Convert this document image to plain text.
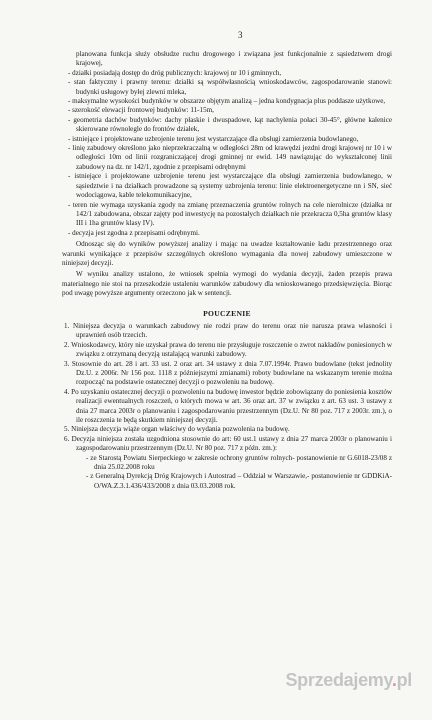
3

planowana funkcja służy obsłudze ruchu drogowego i związana jest funkcjonalnie z sąsiedztwem drogi krajowej,

- działki posiadają dostęp do dróg publicznych: krajowej nr 10 i gminnych,

- stan faktyczny i prawny terenu: działki są współwłasnością wnioskodawców, zagospodarowanie stanowi: budynki usługowy byłej zlewni mleka,

- maksymalne wysokości budynków w obszarze objętym analizą – jedna kondygnacja plus poddasze użytkowe,

- szerokość elewacji frontowej budynków: 11-15m,

- geometria dachów budynków: dachy płaskie i dwuspadowe, kąt nachylenia połaci 30-45°, główne kalenice skierowane równolegle do frontów działek,

- istniejące i projektowane uzbrojenie terenu jest wystarczające dla obsługi zamierzenia budowlanego,

- linię zabudowy określono jako nieprzekraczalną w odległości 28m od krawędzi jezdni drogi krajowej nr 10 i w odległości 10m od linii rozgraniczającej drogi gminnej nr ewid. 149 nawiązując do wykształconej linii zabudowy na dz. nr 142/1, zgodnie z przepisami odrębnymi

- istniejące i projektowane uzbrojenie terenu jest wystarczające dla obsługi zamierzenia budowlanego, w sąsiedztwie i na działkach prowadzone są systemy uzbrojenia terenu: linie elektroenergetyczne nn i SN, sieć wodociągowa, kable telekomunikacyjne,

- teren nie wymaga uzyskania zgody na zmianę przeznaczenia gruntów rolnych na cele nierolnicze (działka nr 142/1 zabudowana, obszar zajęty pod inwestycję na pozostałych działkach nie przekracza 0,5ha gruntów klasy III i 1ha gruntów klasy IV).

- decyzja jest zgodna z przepisami odrębnymi.

Odnosząc się do wyników powyższej analizy i mając na uwadze kształtowanie ładu przestrzennego oraz warunki wynikające z przepisów szczególnych określono wymagania dla nowej zabudowy umieszczone w niniejszej decyzji.

W wyniku analizy ustalono, że wniosek spełnia wymogi do wydania decyzji, żaden przepis prawa materialnego nie stoi na przeszkodzie ustaleniu warunków zabudowy dla wnioskowanego przedsięwzięcia. Biorąc pod uwagę powyższe argumenty orzeczono jak w sentencji.

POUCZENIE
1. Niniejsza decyzja o warunkach zabudowy nie rodzi praw do terenu oraz nie narusza prawa własności i uprawnień osób trzecich.
2. Wnioskodawcy, który nie uzyskał prawa do terenu nie przysługuje roszczenie o zwrot nakładów poniesionych w związku z otrzymaną decyzją ustalającą warunki zabudowy.
3. Stosownie do art. 28 i art. 33 ust. 2 oraz art. 34 ustawy z dnia 7.07.1994r. Prawo budowlane (tekst jednolity Dz.U. z 2006r. Nr 156 poz. 1118 z późniejszymi zmianami) roboty budowlane na wskazanym terenie można rozpocząć na podstawie ostatecznej decyzji o pozwoleniu na budowę.
4. Po uzyskaniu ostatecznej decyzji o pozwoleniu na budowę inwestor będzie zobowiązany do poniesienia kosztów realizacji ewentualnych roszczeń, o których mowa w art. 36 oraz art. 37 w związku z art. 63 ust. 3 ustawy z dnia 27 marca 2003r o planowaniu i zagospodarowaniu przestrzennym (Dz.U. Nr 80 poz. 717 z 2003r. zm.), o ile roszczenia te będą skutkiem niniejszej decyzji.
5. Niniejsza decyzja wiąże organ właściwy do wydania pozwolenia na budowę.
6. Decyzja niniejsza została uzgodniona stosownie do art: 60 ust.1 ustawy z dnia 27 marca 2003r o planowaniu i zagospodarowaniu przestrzennym (Dz.U. Nr 80 poz. 717 z późn. zm.):

- ze Starostą Powiatu Sierpeckiego w zakresie ochrony gruntów rolnych- postanowienie nr G.6018-23/08 z dnia 25.02.2008 roku

- z Generalną Dyrekcją Dróg Krajowych i Autostrad – Oddział w Warszawie,- postanowienie nr GDDKiA-O/WA.Z.3.1.436/433/2008 z dnia 03.03.2008 rok.

Sprzedajemy.pl
